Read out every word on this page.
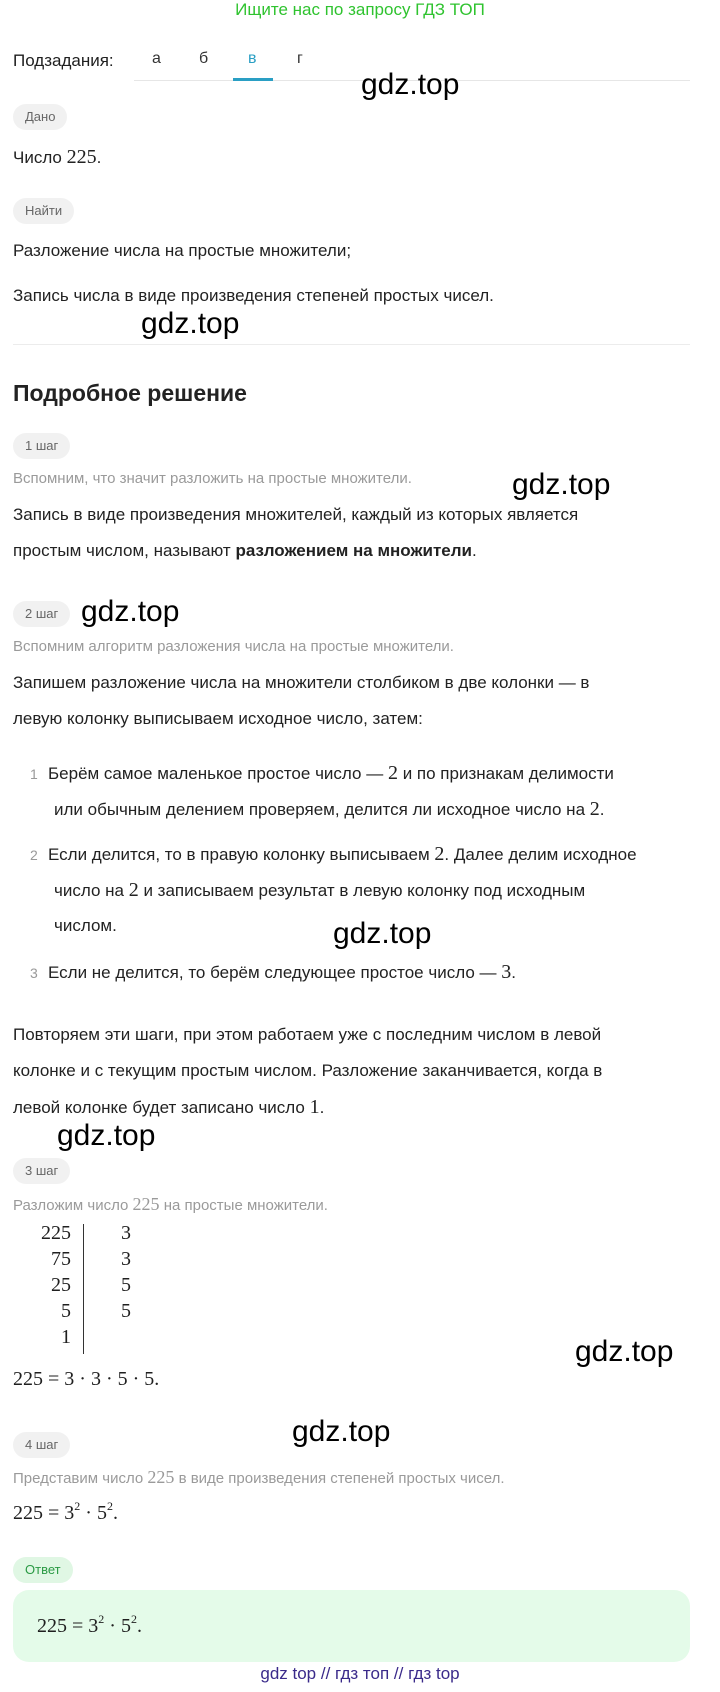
Ищите нас по запросу ГДЗ ТОП
Подзадания: а б в	г
Дано
Число 225.
Найти
Разложение числа на простые множители;
Запись числа в виде произведения степеней простых чисел.
Подробное решение
1 шаг
Вспомним, что значит разложить на простые множители.
Запись в виде произведения множителей, каждый из которых является
простым числом, называют разложением на множители.
2 шаг
Вспомним алгоритм разложения числа на простые множители.
Запишем разложение числа на множители столбиком в две колонки — в
левую колонку выписываем исходное число, затем:
1 Берём самое маленькое простое число — 2 и по признакам делимости
или обычным делением проверяем, делится ли исходное число на 2.
2 Если делится, то в правую колонку выписываем 2. Далее делим исходное
число на 2 и записываем результат в левую колонку под исходным
числом.
3 Если не делится, то берём следующее простое число — 3.
Повторяем эти шаги, при этом работаем уже с последним числом в левой
колонке и с текущим простым числом. Разложение заканчивается, когда в
левой колонке будет записано число 1.
3 шаг
Разложим число 225 на простые множители.
225	3
75	3
25	5
5	5
1
225 = 3 · 3 · 5 · 5.
4 шаг
Представим число 225 в виде произведения степеней простых чисел.
$225 = 3^2 \cdot 5^2$.
Ответ
$225 = 3^2 \cdot 5^2$.
gdz top // гдз топ // гдз top
gdz.top
gdz.top
gdz.top
gdz.top
gdz.top
gdz.top
gdz.top
gdz.top
